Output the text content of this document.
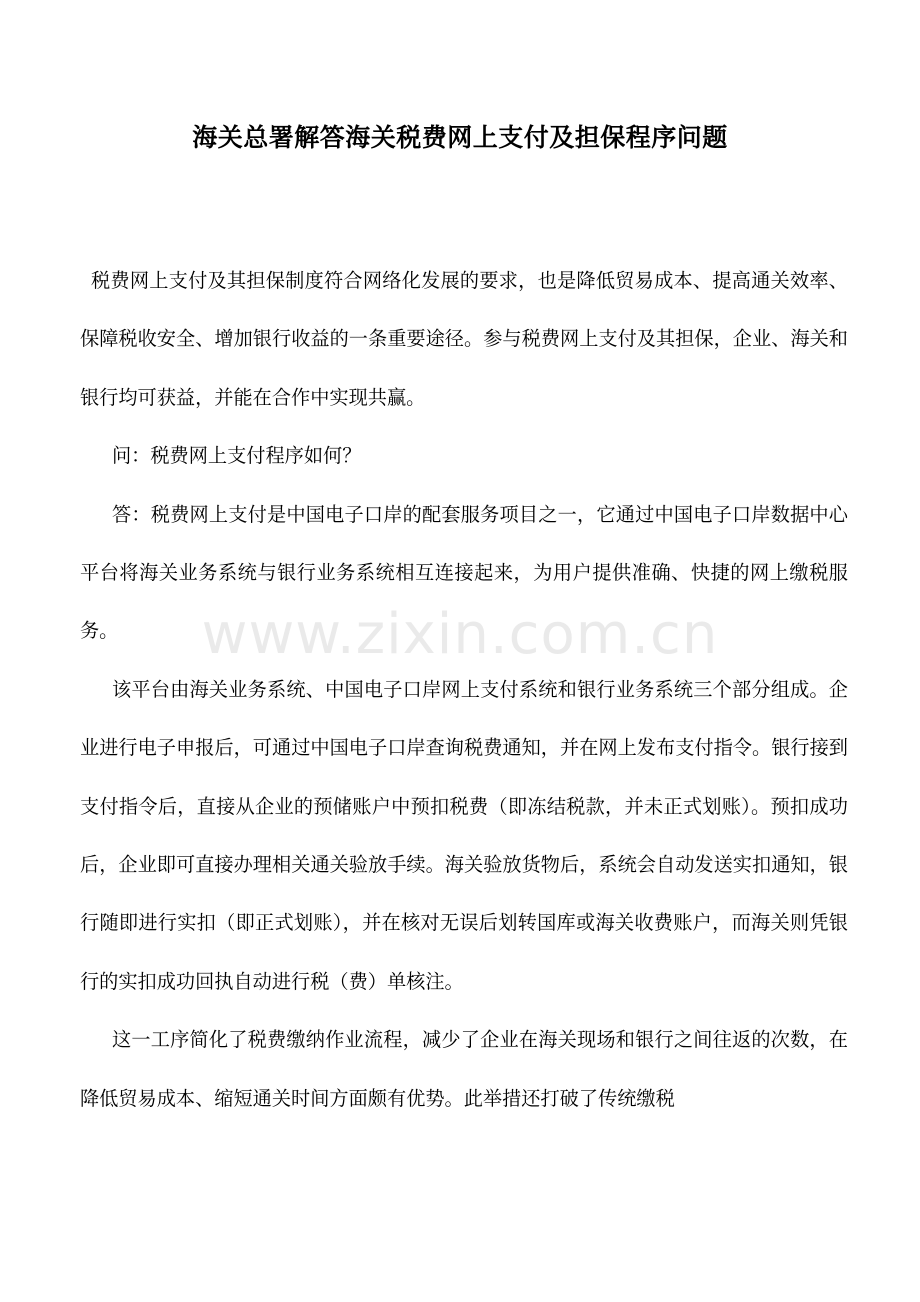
海关总署解答海关税费网上支付及担保程序问题

税费网上支付及其担保制度符合网络化发展的要求，也是降低贸易成本、提高通关效率、保障税收安全、增加银行收益的一条重要途径。参与税费网上支付及其担保，企业、海关和银行均可获益，并能在合作中实现共赢。

问：税费网上支付程序如何？

答：税费网上支付是中国电子口岸的配套服务项目之一，它通过中国电子口岸数据中心平台将海关业务系统与银行业务系统相互连接起来，为用户提供准确、快捷的网上缴税服务。

该平台由海关业务系统、中国电子口岸网上支付系统和银行业务系统三个部分组成。企业进行电子申报后，可通过中国电子口岸查询税费通知，并在网上发布支付指令。银行接到支付指令后，直接从企业的预储账户中预扣税费（即冻结税款，并未正式划账）。预扣成功后，企业即可直接办理相关通关验放手续。海关验放货物后，系统会自动发送实扣通知，银行随即进行实扣（即正式划账），并在核对无误后划转国库或海关收费账户，而海关则凭银行的实扣成功回执自动进行税（费）单核注。

这一工序简化了税费缴纳作业流程，减少了企业在海关现场和银行之间往返的次数，在降低贸易成本、缩短通关时间方面颇有优势。此举措还打破了传统缴税

www.zixin.com.cn
